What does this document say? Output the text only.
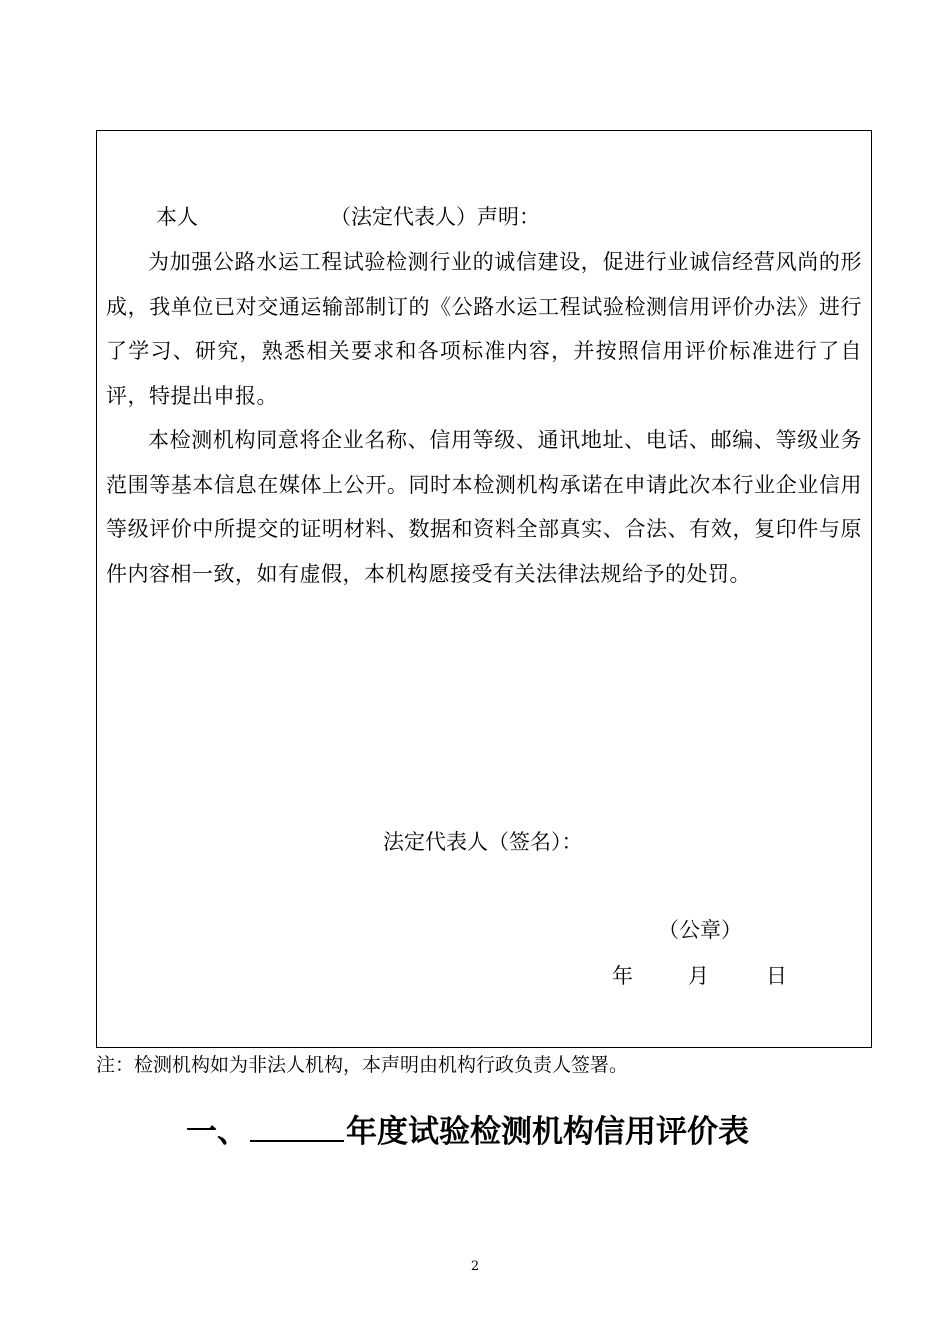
本人	（法定代表人）声明：
为加强公路水运工程试验检测行业的诚信建设，促进行业诚信经营风尚的形成，我单位已对交通运输部制订的《公路水运工程试验检测信用评价办法》进行了学习、研究，熟悉相关要求和各项标准内容，并按照信用评价标准进行了自评，特提出申报。
本检测机构同意将企业名称、信用等级、通讯地址、电话、邮编、等级业务范围等基本信息在媒体上公开。同时本检测机构承诺在申请此次本行业企业信用等级评价中所提交的证明材料、数据和资料全部真实、合法、有效，复印件与原件内容相一致，如有虚假，本机构愿接受有关法律法规给予的处罚。
法定代表人（签名）：
（公章）
年	月	日
注：检测机构如为非法人机构，本声明由机构行政负责人签署。
一、	年度试验检测机构信用评价表
2
